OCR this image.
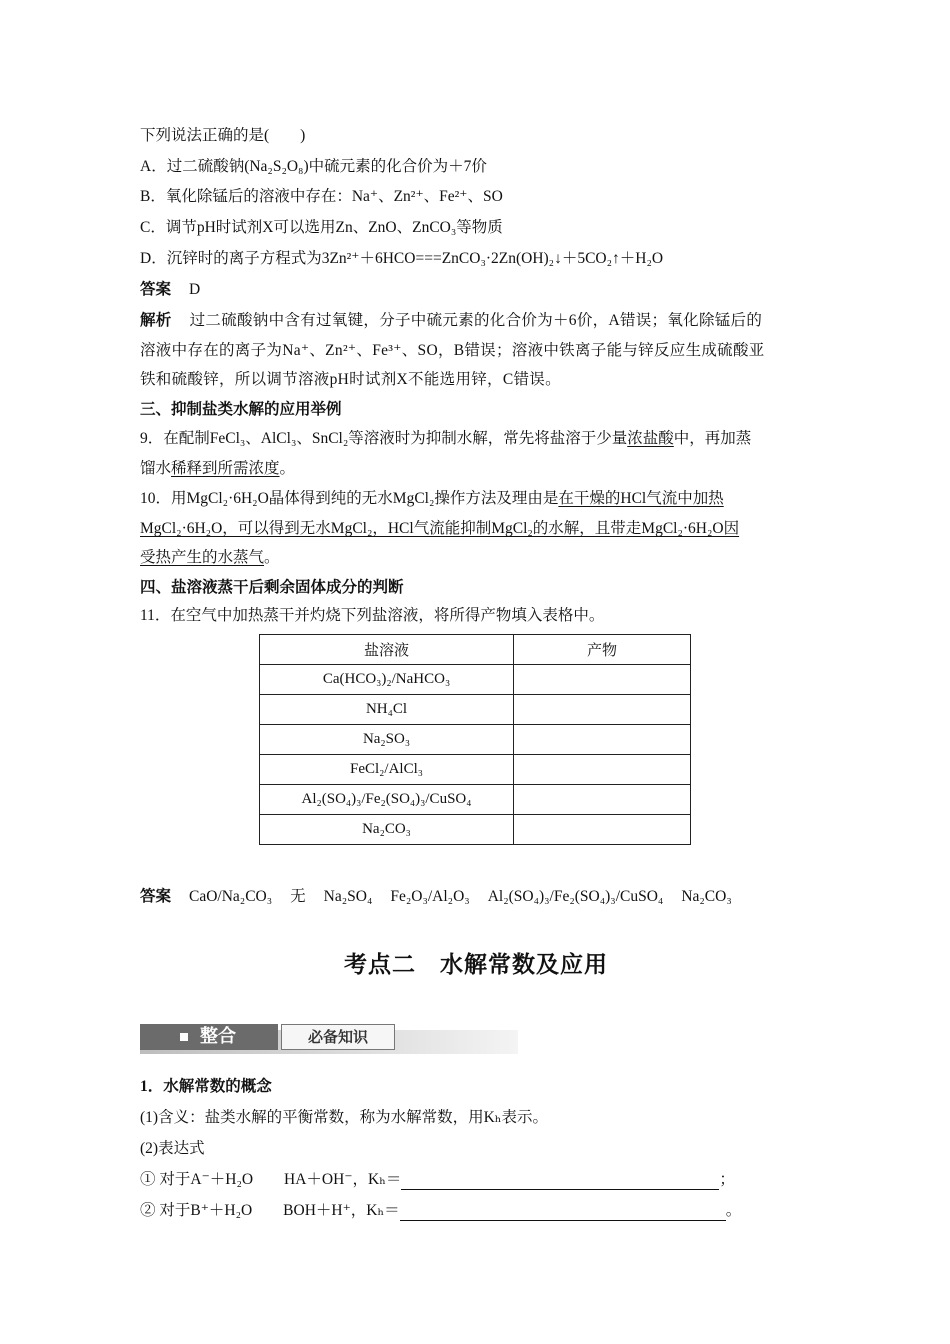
下列说法正确的是(　　)
A．过二硫酸钠(Na₂S₂O₈)中硫元素的化合价为＋7价
B．氧化除锰后的溶液中存在：Na⁺、Zn²⁺、Fe²⁺、SO
C．调节pH时试剂X可以选用Zn、ZnO、ZnCO₃等物质
D．沉锌时的离子方程式为3Zn²⁺＋6HCO===ZnCO₃·2Zn(OH)₂↓＋5CO₂↑＋H₂O
答案 D
解析 过二硫酸钠中含有过氧键，分子中硫元素的化合价为＋6价，A错误；氧化除锰后的
溶液中存在的离子为Na⁺、Zn²⁺、Fe³⁺、SO，B错误；溶液中铁离子能与锌反应生成硫酸亚
铁和硫酸锌，所以调节溶液pH时试剂X不能选用锌，C错误。
三、抑制盐类水解的应用举例
9．在配制FeCl₃、AlCl₃、SnCl₂等溶液时为抑制水解，常先将盐溶于少量浓盐酸中，再加蒸
馏水稀释到所需浓度。
10．用MgCl₂·6H₂O晶体得到纯的无水MgCl₂操作方法及理由是在干燥的HCl气流中加热
MgCl₂·6H₂O，可以得到无水MgCl₂，HCl气流能抑制MgCl₂的水解，且带走MgCl₂·6H₂O因
受热产生的水蒸气。
四、盐溶液蒸干后剩余固体成分的判断
11．在空气中加热蒸干并灼烧下列盐溶液，将所得产物填入表格中。
盐溶液	产物
Ca(HCO₃)₂/NaHCO₃	
NH₄Cl	
Na₂SO₃	
FeCl₂/AlCl₃	
Al₂(SO₄)₃/Fe₂(SO₄)₃/CuSO₄	
Na₂CO₃	
答案 CaO/Na₂CO₃ 无 Na₂SO₄ Fe₂O₃/Al₂O₃ Al₂(SO₄)₃/Fe₂(SO₄)₃/CuSO₄ Na₂CO₃
考点二　水解常数及应用
整合	必备知识
1．水解常数的概念
(1)含义：盐类水解的平衡常数，称为水解常数，用Kₕ表示。
(2)表达式
① 对于A⁻＋H₂O　　HA＋OH⁻，Kₕ＝	；
② 对于B⁺＋H₂O　　BOH＋H⁺，Kₕ＝	。
